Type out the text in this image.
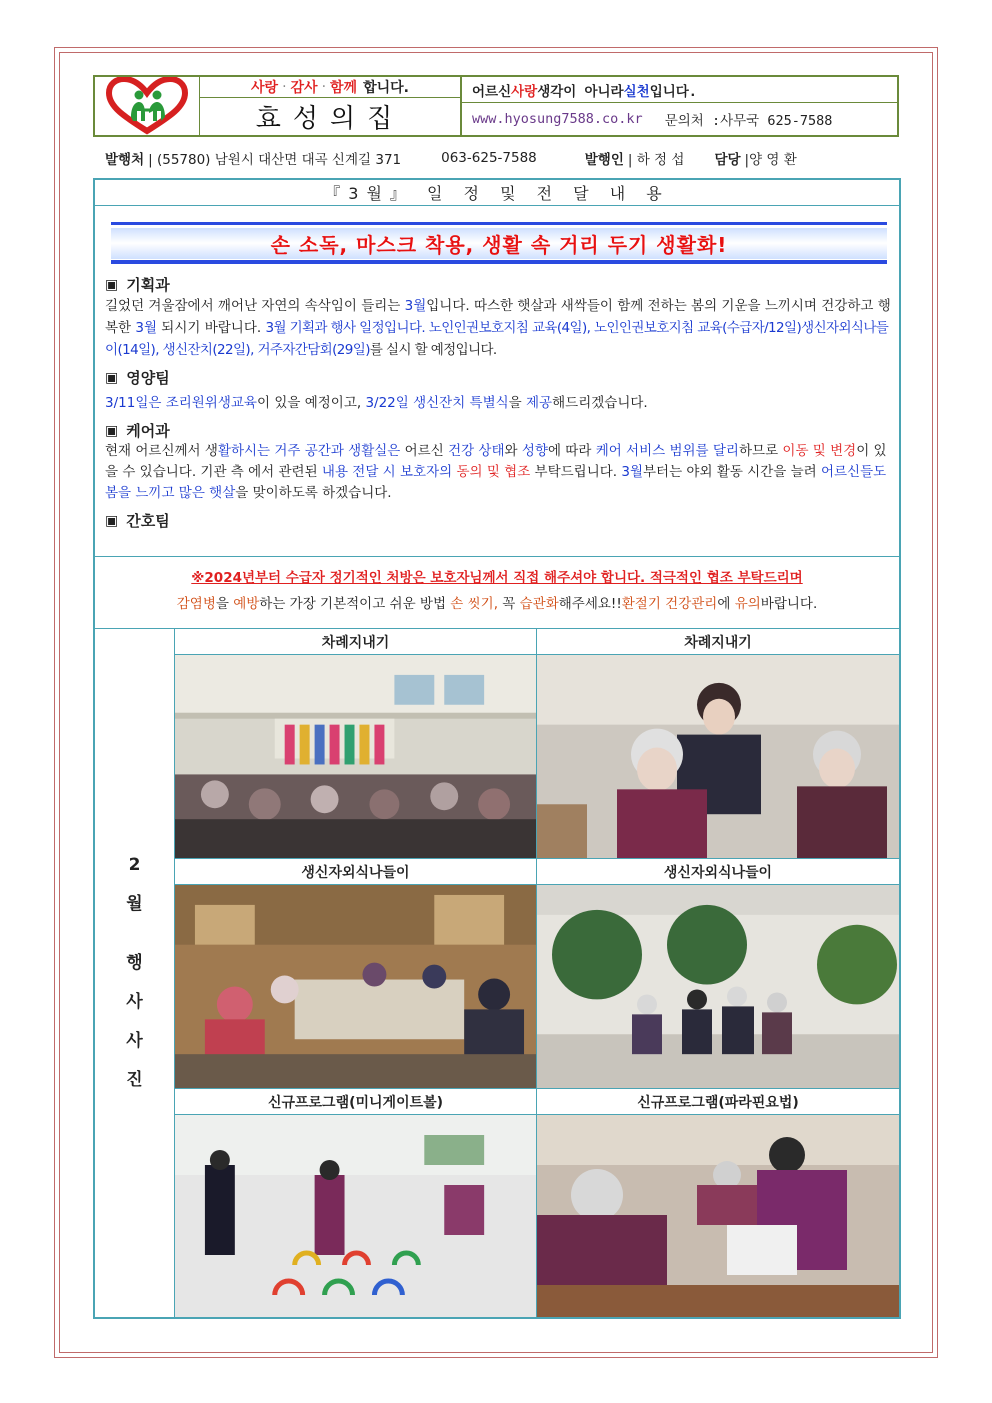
사랑 · 감사 · 함께 합니다.
효성의집
어르신 사랑 생각이 아니라 실천 입니다.
www.hyosung7588.co.kr 문의처 :사무국 625-7588
발행처 | (55780) 남원시 대산면 대곡 신계길 371	063-625-7588	발행인 | 하 정 섭 담당 |양 영 환
『3월』 일 정 및 전 달 내 용
손 소독, 마스크 착용, 생활 속 거리 두기 생활화!
▣ 기획과
길었던 겨울잠에서 깨어난 자연의 속삭임이 들리는 3월입니다. 따스한 햇살과 새싹들이 함께 전하는 봄의 기운을 느끼시며 건강하고 행복한 3월 되시기 바랍니다. 3월 기획과 행사 일정입니다. 노인인권보호지침 교육(4일), 노인인권보호지침 교육(수급자/12일)생신자외식나들이(14일), 생신잔치(22일), 거주자간담회(29일)를 실시 할 예정입니다.
▣ 영양팀
3/11일은 조리원위생교육이 있을 예정이고, 3/22일 생신잔치 특별식을 제공해드리겠습니다.
▣ 케어과
현재 어르신께서 생활하시는 거주 공간과 생활실은 어르신 건강 상태와 성향에 따라 케어 서비스 범위를 달리하므로 이동 및 변경이 있을 수 있습니다. 기관 측 에서 관련된 내용 전달 시 보호자의 동의 및 협조 부탁드립니다. 3월부터는 야외 활동 시간을 늘려 어르신들도 봄을 느끼고 많은 햇살을 맞이하도록 하겠습니다.
▣ 간호팀
※2024년부터 수급자 정기적인 처방은 보호자님께서 직접 해주셔야 합니다. 적극적인 협조 부탁드리며
감염병을 예방하는 가장 기본적이고 쉬운 방법 손 씻기, 꼭 습관화해주세요!!환절기 건강관리에 유의바랍니다.
2
월
행
사
사
진
차례지내기	차례지내기
생신자외식나들이	생신자외식나들이
신규프로그램(미니게이트볼)	신규프로그램(파라핀요법)
